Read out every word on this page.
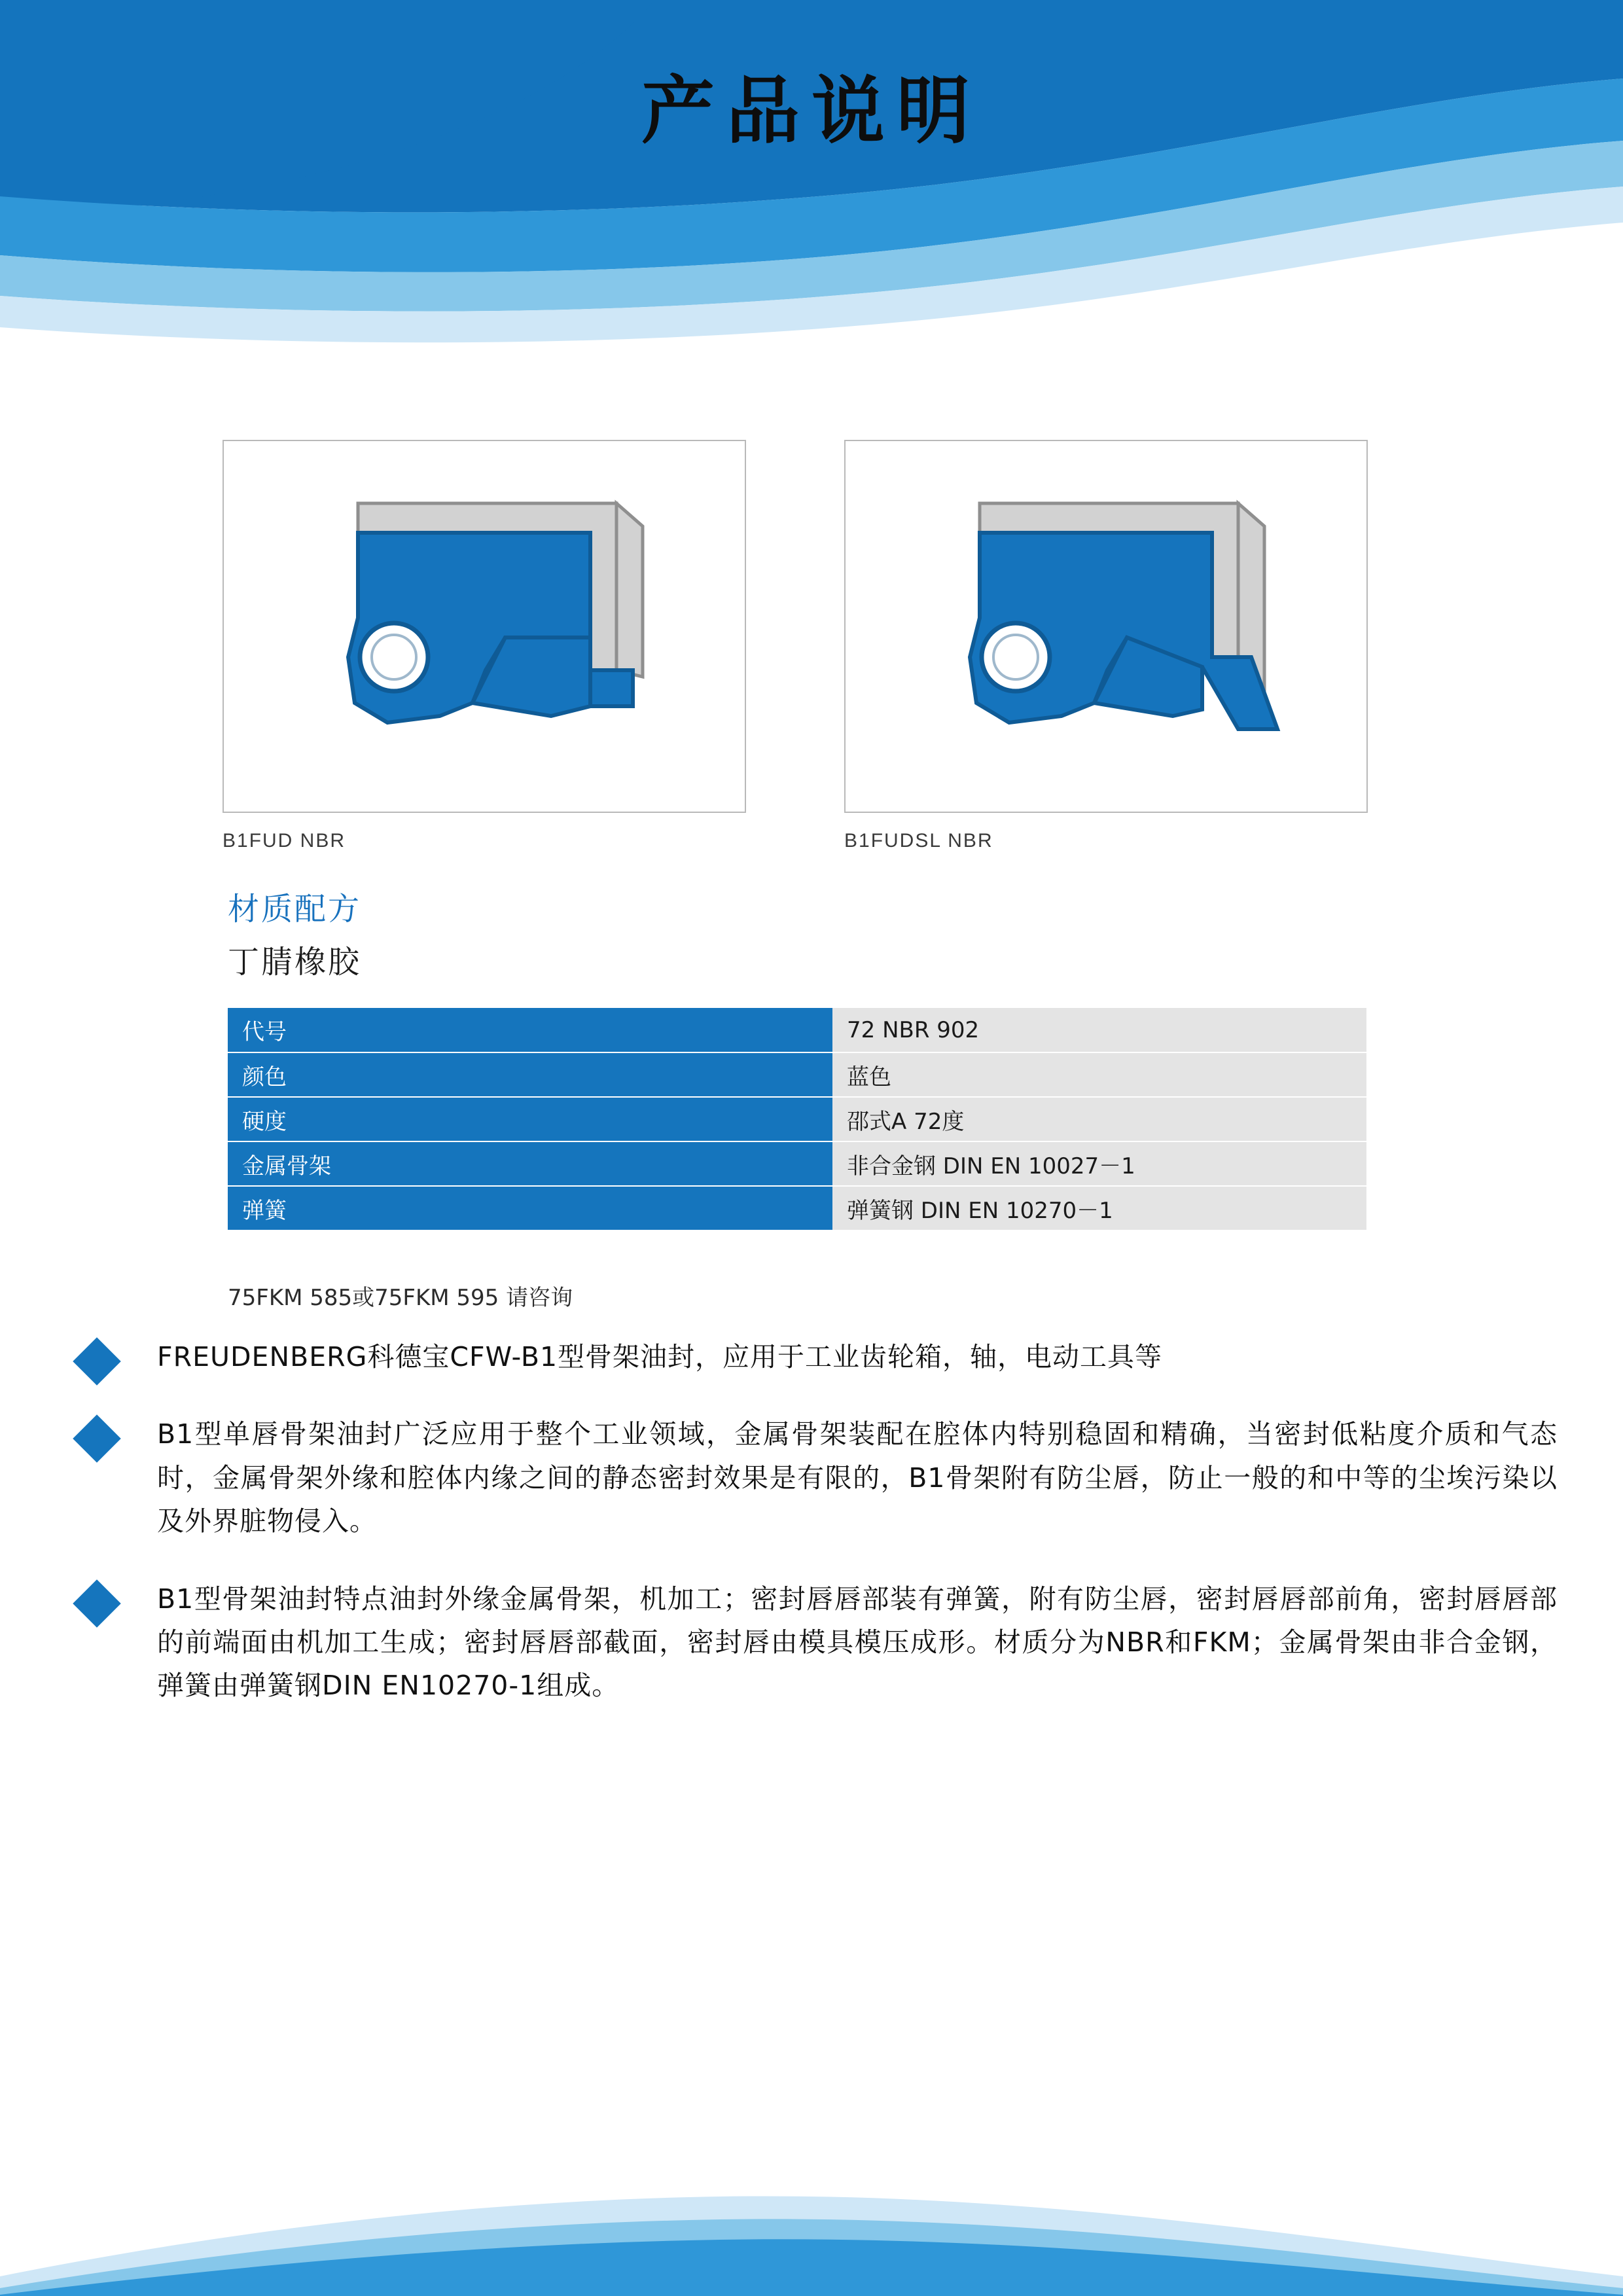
产品说明
B1FUD NBR	B1FUDSL NBR
材质配方
丁腈橡胶
代号	72 NBR 902
颜色	蓝色
硬度	邵式A 72度
金属骨架	非合金钢 DIN EN 10027－1
弹簧	弹簧钢 DIN EN 10270－1
75FKM 585或75FKM 595 请咨询

FREUDENBERG科德宝CFW-B1型骨架油封，应用于工业齿轮箱，轴，电动工具等

B1型单唇骨架油封广泛应用于整个工业领域，金属骨架装配在腔体内特别稳固和精确，当密封低粘度介质和气态时，金属骨架外缘和腔体内缘之间的静态密封效果是有限的，B1骨架附有防尘唇，防止一般的和中等的尘埃污染以及外界脏物侵入。

B1型骨架油封特点油封外缘金属骨架，机加工；密封唇唇部装有弹簧，附有防尘唇，密封唇唇部前角，密封唇唇部的前端面由机加工生成；密封唇唇部截面，密封唇由模具模压成形。材质分为NBR和FKM；金属骨架由非合金钢，弹簧由弹簧钢DIN EN10270-1组成。
